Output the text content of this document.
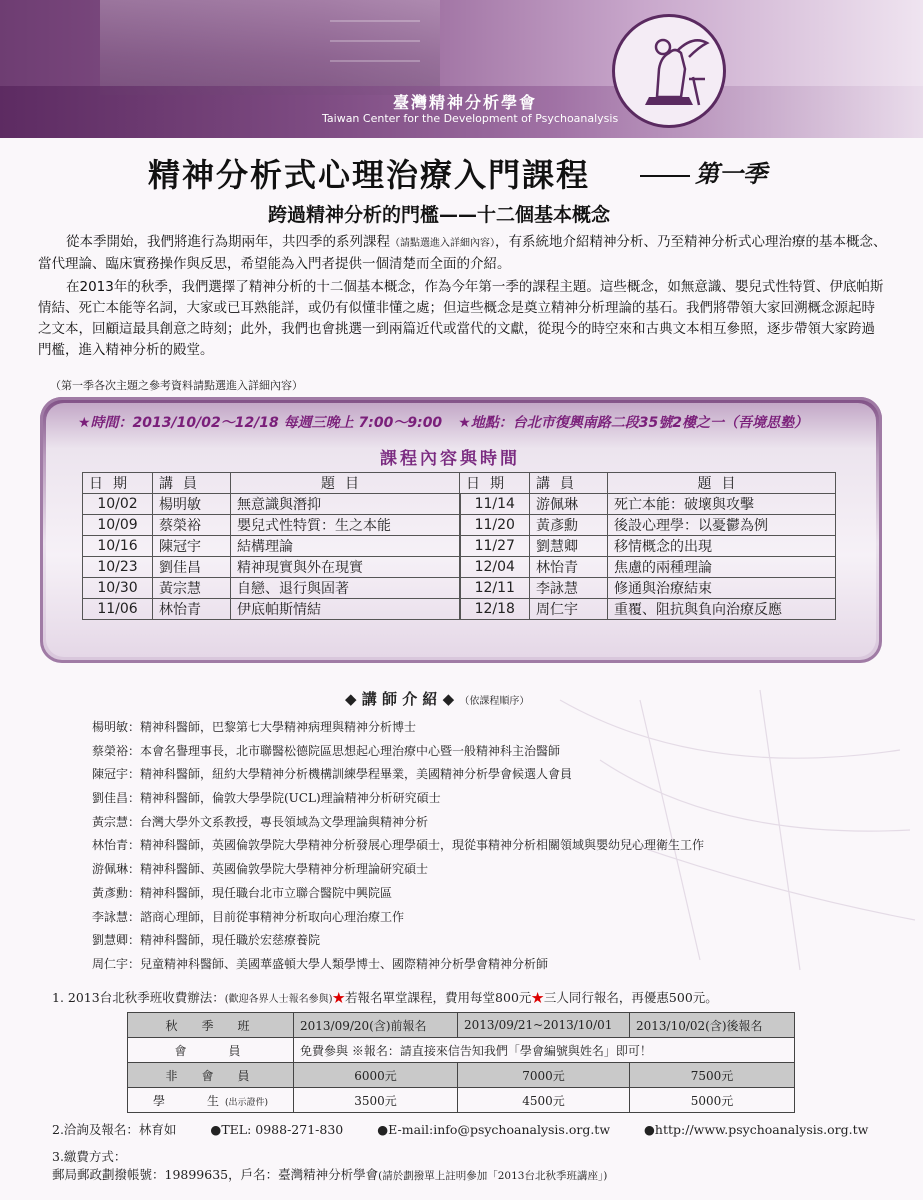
臺灣精神分析學會
Taiwan Center for the Development of Psychoanalysis
精神分析式心理治療入門課程	第一季
跨過精神分析的門檻——十二個基本概念
從本季開始，我們將進行為期兩年，共四季的系列課程（請點選進入詳細內容），有系統地介紹精神分析、乃至精神分析式心理治療的基本概念、當代理論、臨床實務操作與反思，希望能為入門者提供一個清楚而全面的介紹。
在2013年的秋季，我們選擇了精神分析的十二個基本概念，作為今年第一季的課程主題。這些概念，如無意識、嬰兒式性特質、伊底帕斯情結、死亡本能等名詞，大家或已耳熟能詳，或仍有似懂非懂之處；但這些概念是奠立精神分析理論的基石。我們將帶領大家回溯概念源起時之文本，回顧這最具創意之時刻；此外，我們也會挑選一到兩篇近代或當代的文獻，從現今的時空來和古典文本相互參照，逐步帶領大家跨過門檻，進入精神分析的殿堂。
（第一季各次主題之參考資料請點選進入詳細內容）
★時間：2013/10/02～12/18 每週三晚上 7:00～9:00 ★地點：台北市復興南路二段35號2樓之一（吾境思塾）
課程內容與時間
日期	講員	題目	日期	講員	題目
10/02	楊明敏	無意識與潛抑	11/14	游佩琳	死亡本能：破壞與攻擊
10/09	蔡榮裕	嬰兒式性特質：生之本能	11/20	黃彥勳	後設心理學：以憂鬱為例
10/16	陳冠宇	結構理論	11/27	劉慧卿	移情概念的出現
10/23	劉佳昌	精神現實與外在現實	12/04	林怡青	焦慮的兩種理論
10/30	黃宗慧	自戀、退行與固著	12/11	李詠慧	修通與治療結束
11/06	林怡青	伊底帕斯情結	12/18	周仁宇	重覆、阻抗與負向治療反應
◆ 講 師 介 紹 ◆ （依課程順序）
楊明敏：精神科醫師，巴黎第七大學精神病理與精神分析博士
蔡榮裕：本會名譽理事長，北市聯醫松德院區思想起心理治療中心暨一般精神科主治醫師
陳冠宇：精神科醫師，紐約大學精神分析機構訓練學程畢業，美國精神分析學會候選人會員
劉佳昌：精神科醫師，倫敦大學學院(UCL)理論精神分析研究碩士
黃宗慧：台灣大學外文系教授，專長領域為文學理論與精神分析
林怡青：精神科醫師，英國倫敦學院大學精神分析發展心理學碩士，現從事精神分析相關領域與嬰幼兒心理衛生工作
游佩琳：精神科醫師、英國倫敦學院大學精神分析理論研究碩士
黃彥勳：精神科醫師，現任職台北市立聯合醫院中興院區
李詠慧：諮商心理師，目前從事精神分析取向心理治療工作
劉慧卿：精神科醫師，現任職於宏慈療養院
周仁宇：兒童精神科醫師、美國華盛頓大學人類學博士、國際精神分析學會精神分析師
1. 2013台北秋季班收費辦法：(歡迎各界人士報名參與)★若報名單堂課程，費用每堂800元★三人同行報名，再優惠500元。
秋　季　班	2013/09/20(含)前報名	2013/09/21~2013/10/01	2013/10/02(含)後報名
會　　員	免費參與 ※報名：請直接來信告知我們「學會編號與姓名」即可！		
非　會　員	6000元	7000元	7500元
學　　生(出示證件)	3500元	4500元	5000元
2.洽詢及報名：林育如	●TEL: 0988-271-830	●E-mail:info@psychoanalysis.org.tw	●http://www.psychoanalysis.org.tw
3.繳費方式：
郵局郵政劃撥帳號：19899635，戶名：臺灣精神分析學會(請於劃撥單上註明參加「2013台北秋季班講座」)
